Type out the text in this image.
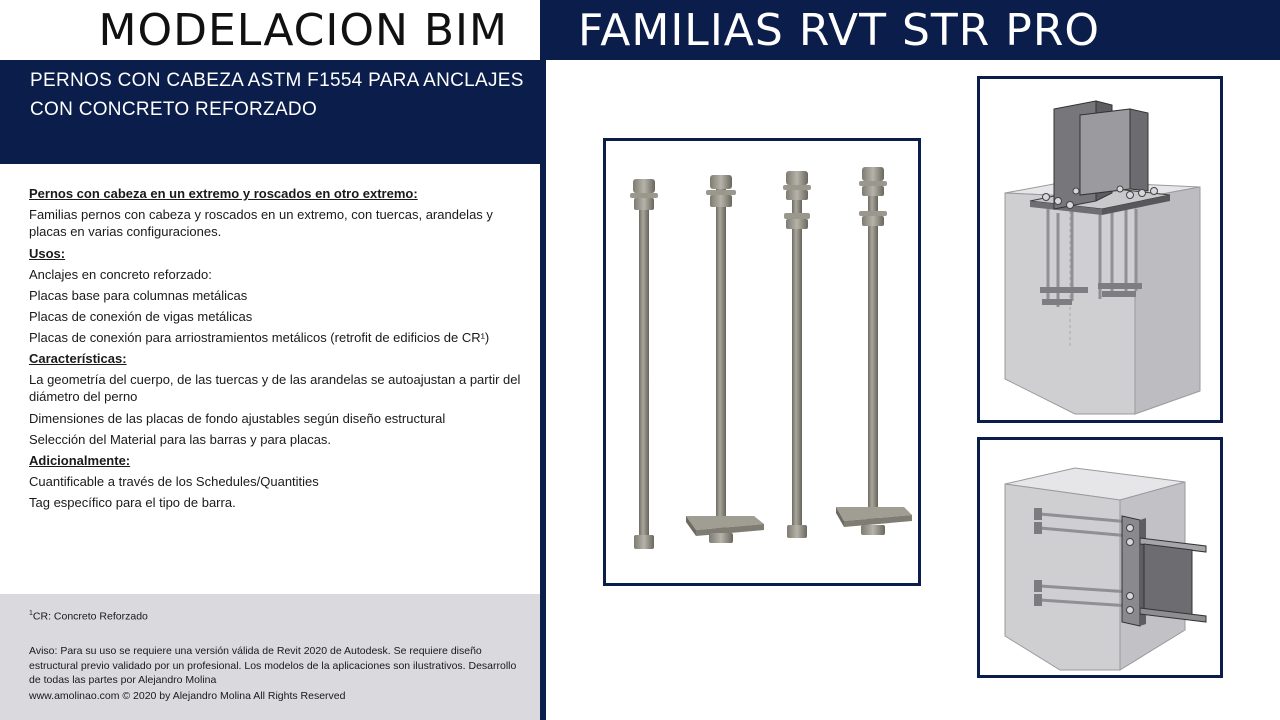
MODELACION BIM	FAMILIAS RVT STR PRO
PERNOS CON CABEZA ASTM F1554 PARA ANCLAJES
CON CONCRETO REFORZADO
Pernos con cabeza en un extremo y roscados en otro extremo:
Familias pernos con cabeza y roscados en un extremo, con tuercas, arandelas y placas en varias configuraciones.
Usos:
Anclajes en concreto reforzado:
Placas base para columnas metálicas
Placas de conexión de vigas metálicas
Placas de conexión para arriostramientos metálicos (retrofit de edificios de CR¹)
Características:
La geometría del cuerpo, de las tuercas y de las arandelas se autoajustan a partir del diámetro del perno
Dimensiones de las placas de fondo ajustables según diseño estructural
Selección del Material para las barras y para placas.
Adicionalmente:
Cuantificable a través de los Schedules/Quantities
Tag específico para el tipo de barra.
$^1$CR: Concreto Reforzado
Aviso: Para su uso se requiere una versión válida de Revit 2020 de Autodesk. Se requiere diseño estructural previo validado por un profesional. Los modelos de la aplicaciones son ilustrativos. Desarrollo de todas las partes por Alejandro Molina
www.amolinao.com © 2020 by Alejandro Molina All Rights Reserved
